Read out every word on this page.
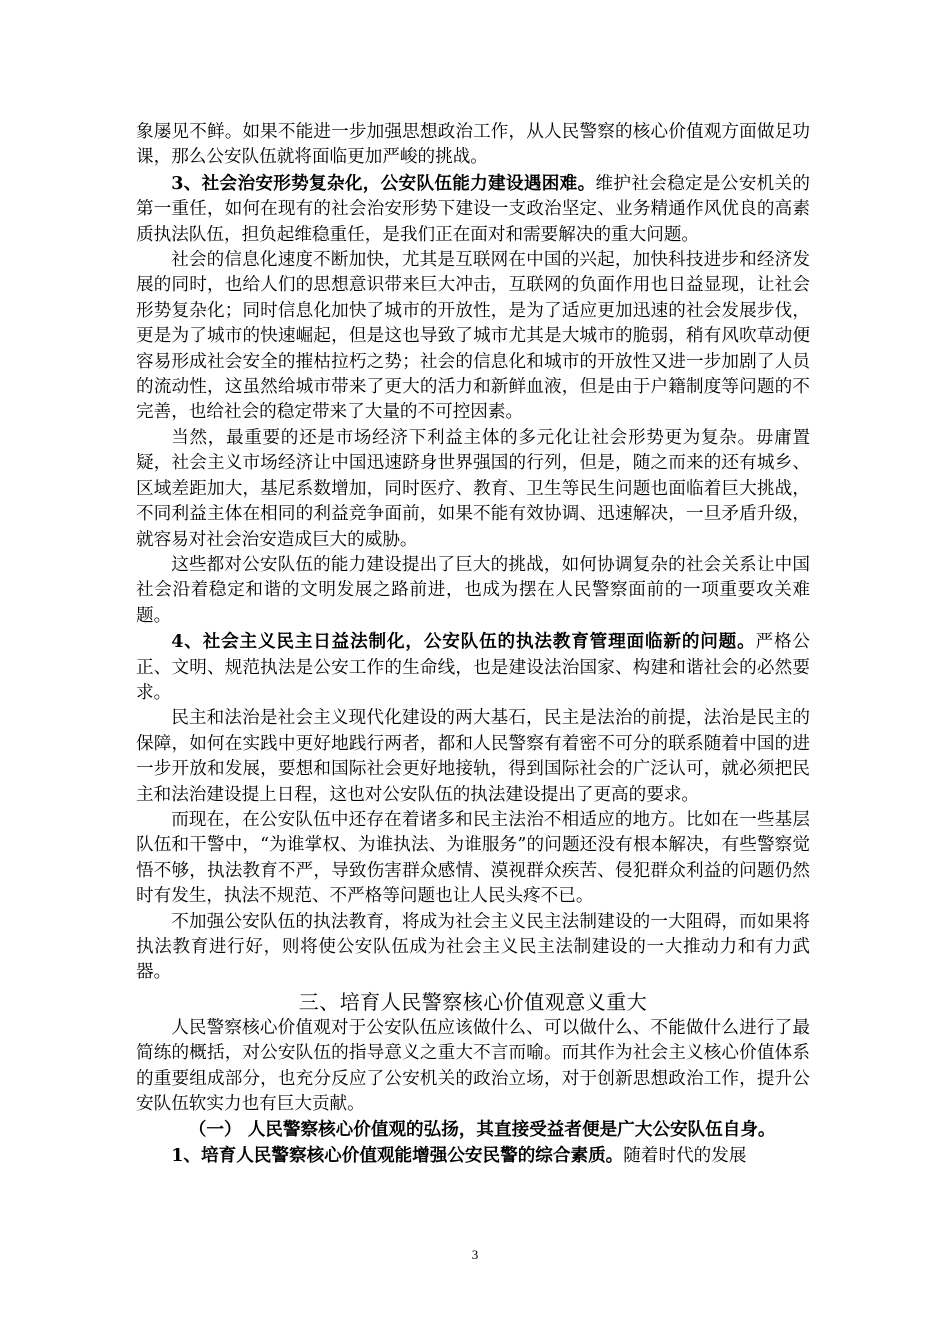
象屡见不鲜。如果不能进一步加强思想政治工作，从人民警察的核心价值观方面做足功课，那么公安队伍就将面临更加严峻的挑战。

3、社会治安形势复杂化，公安队伍能力建设遇困难。维护社会稳定是公安机关的第一重任，如何在现有的社会治安形势下建设一支政治坚定、业务精通作风优良的高素质执法队伍，担负起维稳重任，是我们正在面对和需要解决的重大问题。

社会的信息化速度不断加快，尤其是互联网在中国的兴起，加快科技进步和经济发展的同时，也给人们的思想意识带来巨大冲击，互联网的负面作用也日益显现，让社会形势复杂化；同时信息化加快了城市的开放性，是为了适应更加迅速的社会发展步伐，更是为了城市的快速崛起，但是这也导致了城市尤其是大城市的脆弱，稍有风吹草动便容易形成社会安全的摧枯拉朽之势；社会的信息化和城市的开放性又进一步加剧了人员的流动性，这虽然给城市带来了更大的活力和新鲜血液，但是由于户籍制度等问题的不完善，也给社会的稳定带来了大量的不可控因素。

当然，最重要的还是市场经济下利益主体的多元化让社会形势更为复杂。毋庸置疑，社会主义市场经济让中国迅速跻身世界强国的行列，但是，随之而来的还有城乡、区域差距加大，基尼系数增加，同时医疗、教育、卫生等民生问题也面临着巨大挑战，不同利益主体在相同的利益竞争面前，如果不能有效协调、迅速解决，一旦矛盾升级，就容易对社会治安造成巨大的威胁。

这些都对公安队伍的能力建设提出了巨大的挑战，如何协调复杂的社会关系让中国社会沿着稳定和谐的文明发展之路前进，也成为摆在人民警察面前的一项重要攻关难题。

4、社会主义民主日益法制化，公安队伍的执法教育管理面临新的问题。严格公正、文明、规范执法是公安工作的生命线，也是建设法治国家、构建和谐社会的必然要求。

民主和法治是社会主义现代化建设的两大基石，民主是法治的前提，法治是民主的保障，如何在实践中更好地践行两者，都和人民警察有着密不可分的联系随着中国的进一步开放和发展，要想和国际社会更好地接轨，得到国际社会的广泛认可，就必须把民主和法治建设提上日程，这也对公安队伍的执法建设提出了更高的要求。

而现在，在公安队伍中还存在着诸多和民主法治不相适应的地方。比如在一些基层队伍和干警中，“为谁掌权、为谁执法、为谁服务”的问题还没有根本解决，有些警察觉悟不够，执法教育不严，导致伤害群众感情、漠视群众疾苦、侵犯群众利益的问题仍然时有发生，执法不规范、不严格等问题也让人民头疼不已。

不加强公安队伍的执法教育，将成为社会主义民主法制建设的一大阻碍，而如果将执法教育进行好，则将使公安队伍成为社会主义民主法制建设的一大推动力和有力武器。

三、培育人民警察核心价值观意义重大

人民警察核心价值观对于公安队伍应该做什么、可以做什么、不能做什么进行了最简练的概括，对公安队伍的指导意义之重大不言而喻。而其作为社会主义核心价值体系的重要组成部分，也充分反应了公安机关的政治立场，对于创新思想政治工作，提升公安队伍软实力也有巨大贡献。

（一） 人民警察核心价值观的弘扬，其直接受益者便是广大公安队伍自身。

1、培育人民警察核心价值观能增强公安民警的综合素质。随着时代的发展

3
